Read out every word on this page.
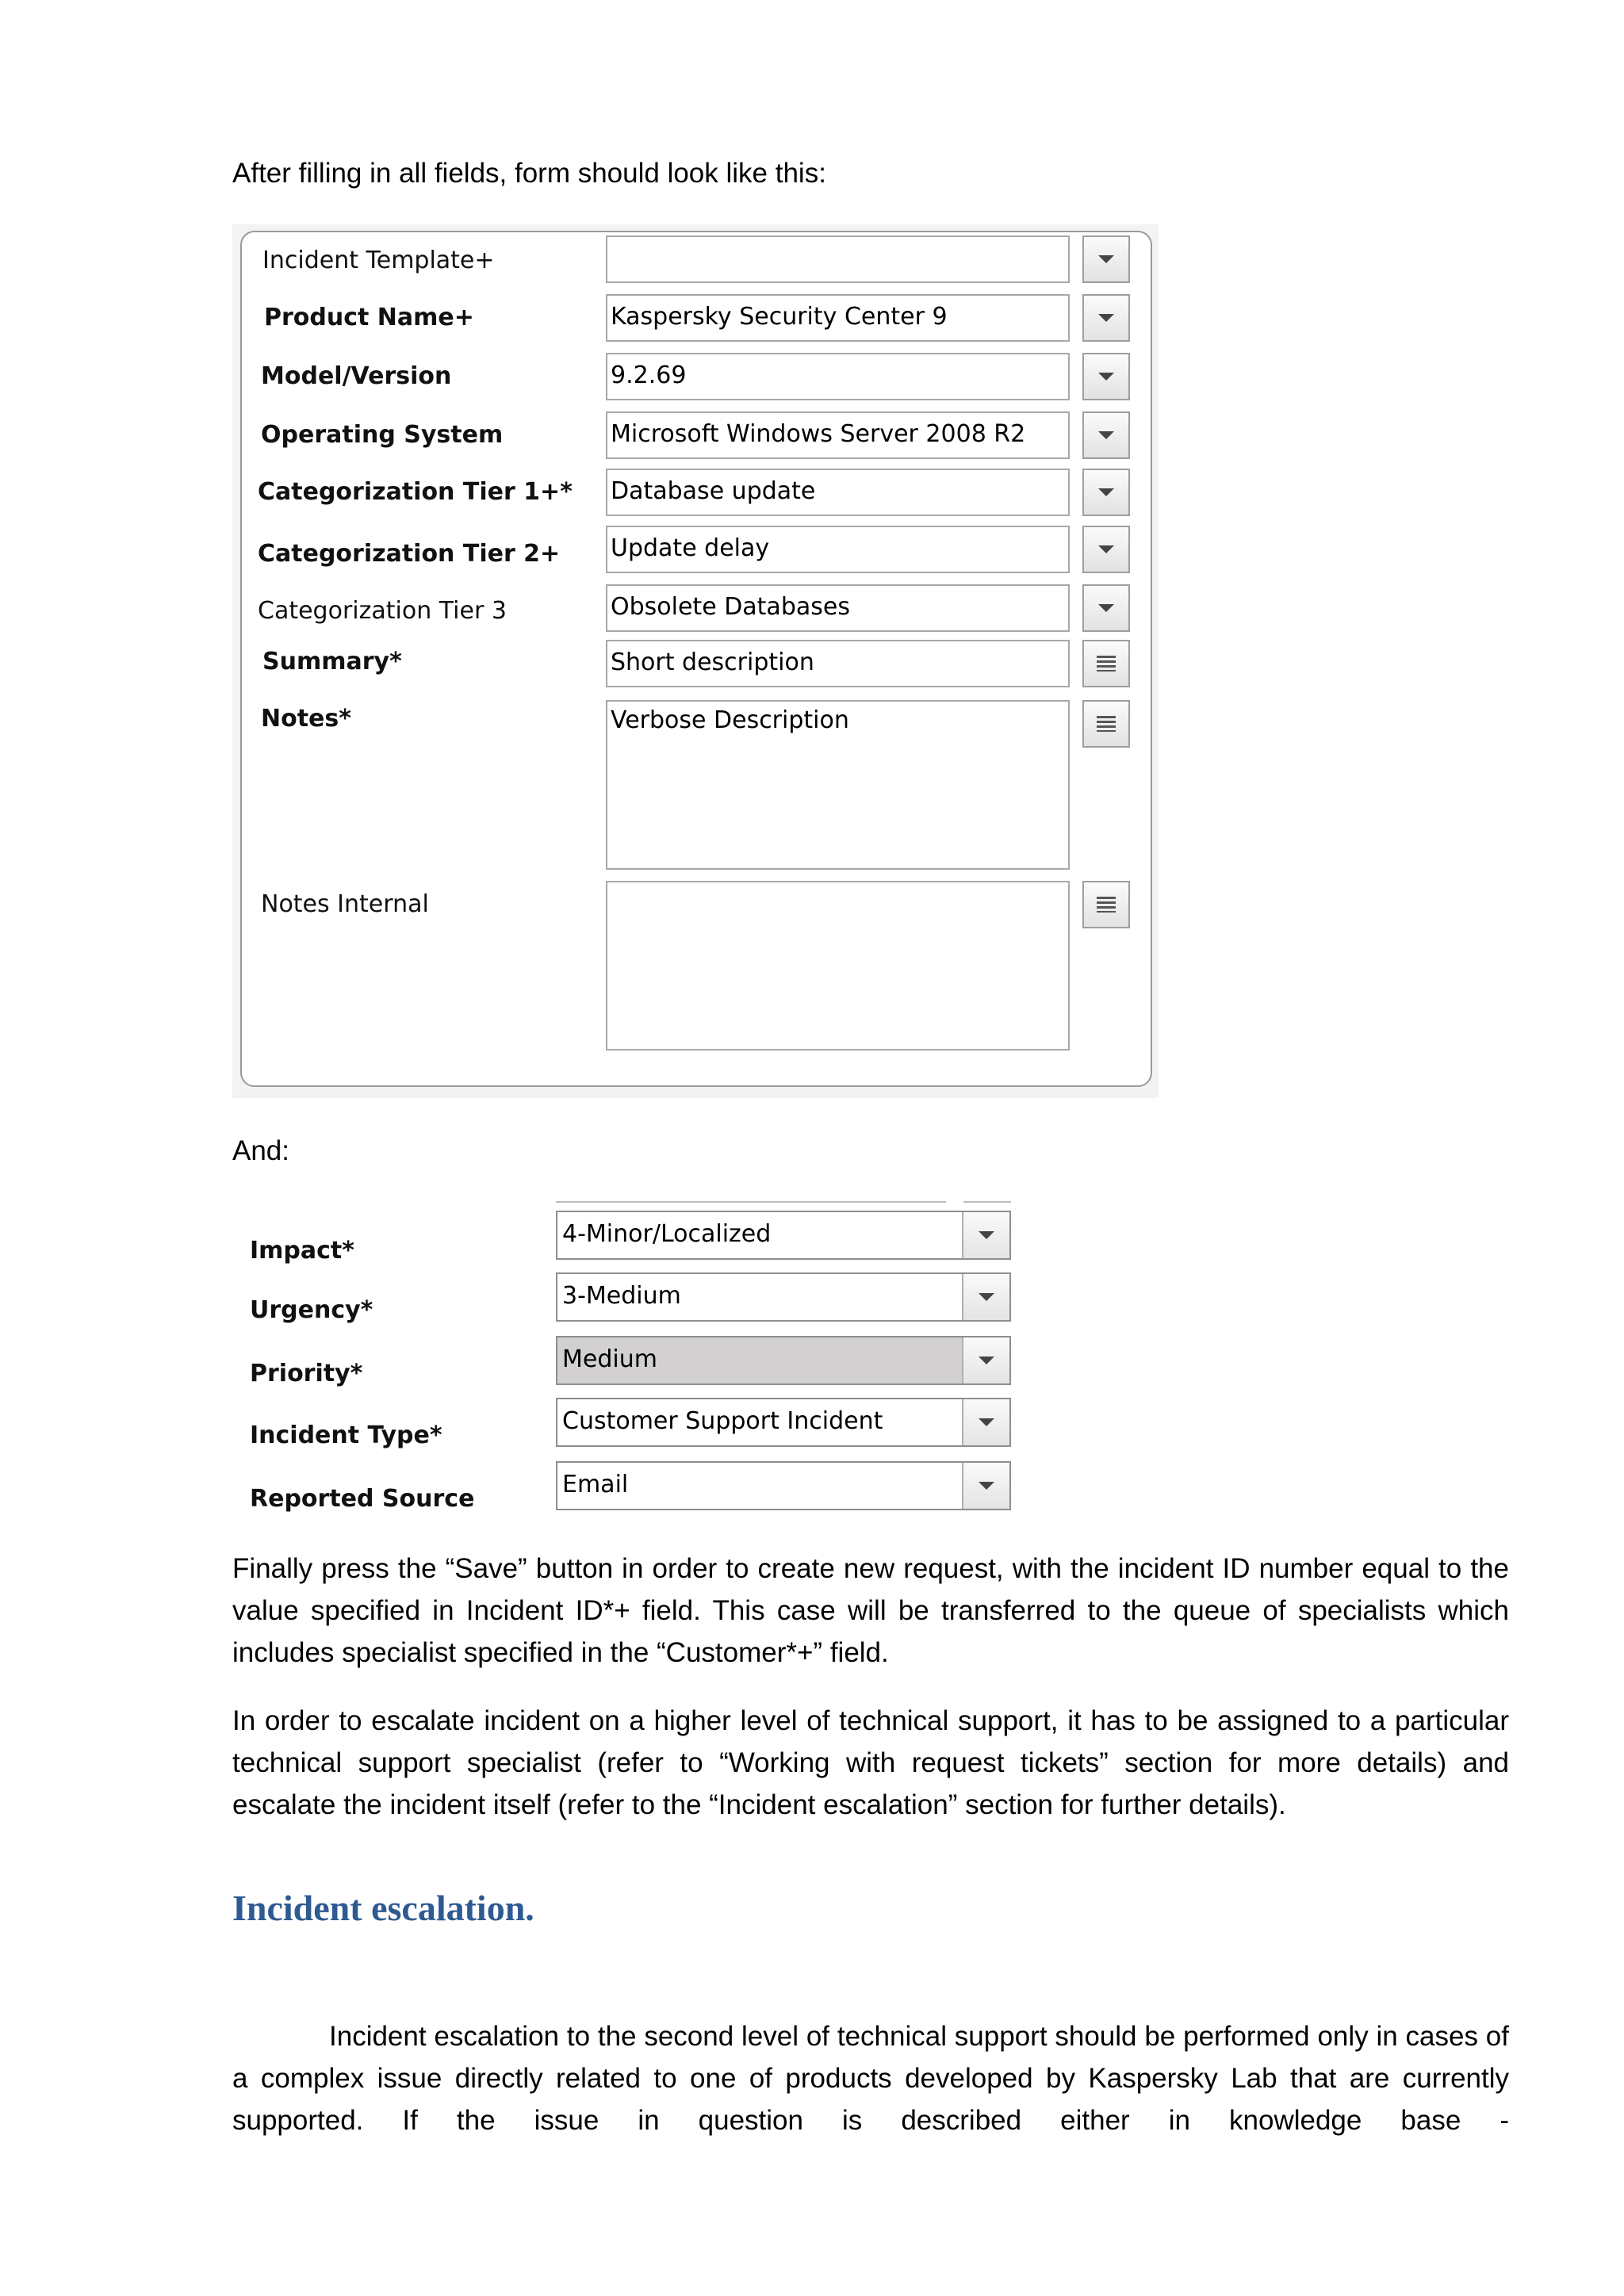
After filling in all fields, form should look like this:

Incident Template+
Product Name+	Kaspersky Security Center 9
Model/Version	9.2.69
Operating System	Microsoft Windows Server 2008 R2
Categorization Tier 1+* Database update
Categorization Tier 2+ Update delay
Categorization Tier 3	Obsolete Databases
Summary*	Short description
Notes*	Verbose Description
Notes Internal

And:

Impact*
4-Minor/Localized
Urgency*
3-Medium
Priority*
Medium
Incident Type*
Customer Support Incident
Reported Source
Email

Finally press the “Save” button in order to create new request, with the incident ID number equal to the

value specified in Incident ID*+ field. This case will be transferred to the queue of specialists which

includes specialist specified in the “Customer*+” field.

In order to escalate incident on a higher level of technical support, it has to be assigned to a particular

technical support specialist (refer to “Working with request tickets” section for more details) and

escalate the incident itself (refer to the “Incident escalation” section for further details).

Incident escalation.

Incident escalation to the second level of technical support should be performed only in cases of

a complex issue directly related to one of products developed by Kaspersky Lab that are currently

supported. If the issue in question is described either in knowledge base -
